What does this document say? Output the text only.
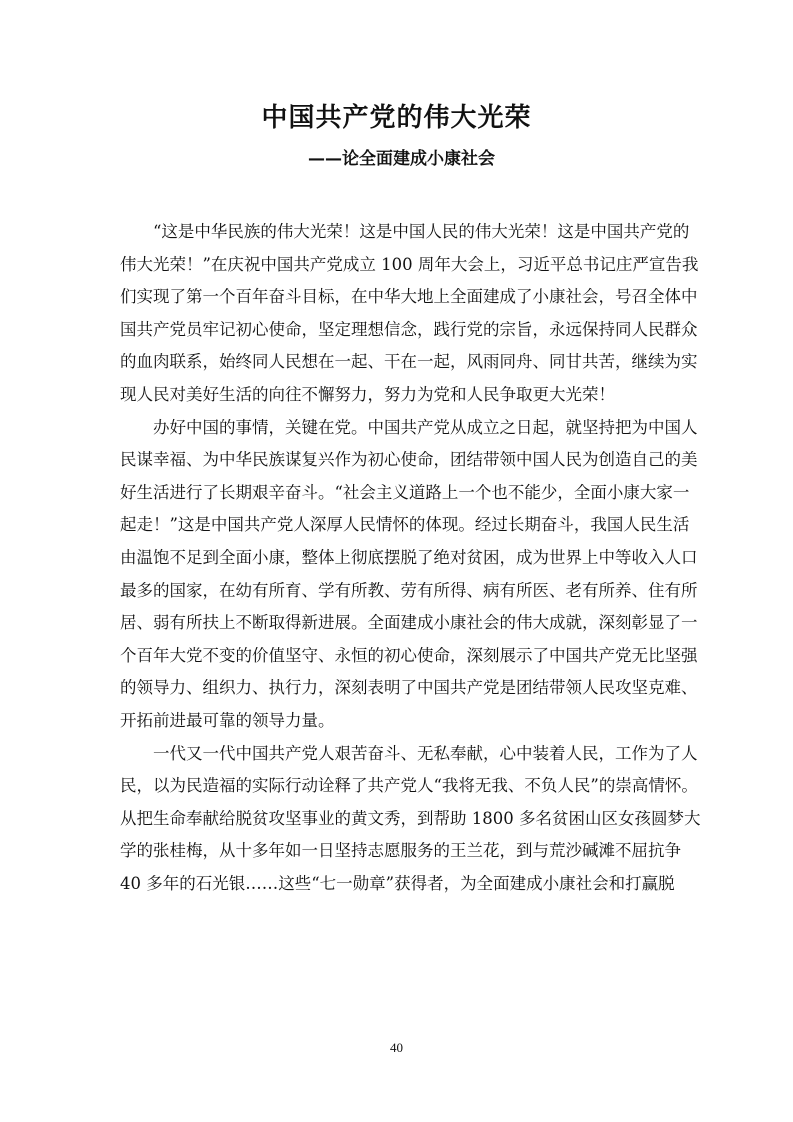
中国共产党的伟大光荣
——论全面建成小康社会
　　“这是中华民族的伟大光荣！这是中国人民的伟大光荣！这是中国共产党的
伟大光荣！”在庆祝中国共产党成立 100 周年大会上，习近平总书记庄严宣告我
们实现了第一个百年奋斗目标，在中华大地上全面建成了小康社会，号召全体中
国共产党员牢记初心使命，坚定理想信念，践行党的宗旨，永远保持同人民群众
的血肉联系，始终同人民想在一起、干在一起，风雨同舟、同甘共苦，继续为实
现人民对美好生活的向往不懈努力，努力为党和人民争取更大光荣！
　　办好中国的事情，关键在党。中国共产党从成立之日起，就坚持把为中国人
民谋幸福、为中华民族谋复兴作为初心使命，团结带领中国人民为创造自己的美
好生活进行了长期艰辛奋斗。“社会主义道路上一个也不能少，全面小康大家一
起走！”这是中国共产党人深厚人民情怀的体现。经过长期奋斗，我国人民生活
由温饱不足到全面小康，整体上彻底摆脱了绝对贫困，成为世界上中等收入人口
最多的国家，在幼有所育、学有所教、劳有所得、病有所医、老有所养、住有所
居、弱有所扶上不断取得新进展。全面建成小康社会的伟大成就，深刻彰显了一
个百年大党不变的价值坚守、永恒的初心使命，深刻展示了中国共产党无比坚强
的领导力、组织力、执行力，深刻表明了中国共产党是团结带领人民攻坚克难、
开拓前进最可靠的领导力量。
　　一代又一代中国共产党人艰苦奋斗、无私奉献，心中装着人民，工作为了人
民，以为民造福的实际行动诠释了共产党人“我将无我、不负人民”的崇高情怀。
从把生命奉献给脱贫攻坚事业的黄文秀，到帮助 1800 多名贫困山区女孩圆梦大
学的张桂梅，从十多年如一日坚持志愿服务的王兰花，到与荒沙碱滩不屈抗争
40 多年的石光银……这些“七一勋章”获得者，为全面建成小康社会和打赢脱
40
